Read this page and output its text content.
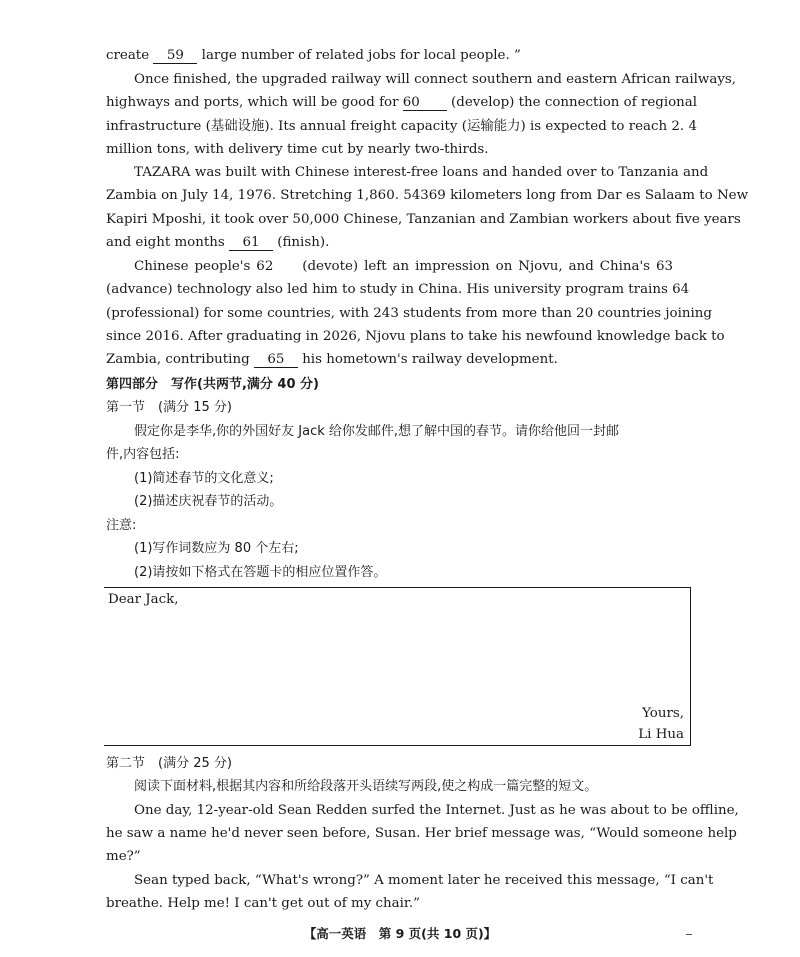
create 59 large number of related jobs for local people. ”

Once finished, the upgraded railway will connect southern and eastern African railways,

highways and ports, which will be good for 60 (develop) the connection of regional

infrastructure (基础设施). Its annual freight capacity (运输能力) is expected to reach 2. 4

million tons, with delivery time cut by nearly two-thirds.

TAZARA was built with Chinese interest-free loans and handed over to Tanzania and

Zambia on July 14, 1976. Stretching 1,860. 54369 kilometers long from Dar es Salaam to New

Kapiri Mposhi, it took over 50,000 Chinese, Tanzanian and Zambian workers about five years

and eight months 61 (finish).

Chinese people's 62 (devote) left an impression on Njovu, and China's 63

(advance) technology also led him to study in China. His university program trains 64

(professional) for some countries, with 243 students from more than 20 countries joining

since 2016. After graduating in 2026, Njovu plans to take his newfound knowledge back to

Zambia, contributing 65 his hometown's railway development.

第四部分　写作(共两节,满分 40 分)

第一节　(满分 15 分)

假定你是李华,你的外国好友 Jack 给你发邮件,想了解中国的春节。请你给他回一封邮

件,内容包括:

(1)简述春节的文化意义;

(2)描述庆祝春节的活动。

注意:

(1)写作词数应为 80 个左右;

(2)请按如下格式在答题卡的相应位置作答。

Dear Jack,
Yours,
Li Hua

第二节　(满分 25 分)

阅读下面材料,根据其内容和所给段落开头语续写两段,使之构成一篇完整的短文。

One day, 12-year-old Sean Redden surfed the Internet. Just as he was about to be offline,

he saw a name he'd never seen before, Susan. Her brief message was, “Would someone help

me?”

Sean typed back, “What's wrong?” A moment later he received this message, “I can't

breathe. Help me! I can't get out of my chair.”

【高一英语　第 9 页(共 10 页)】
